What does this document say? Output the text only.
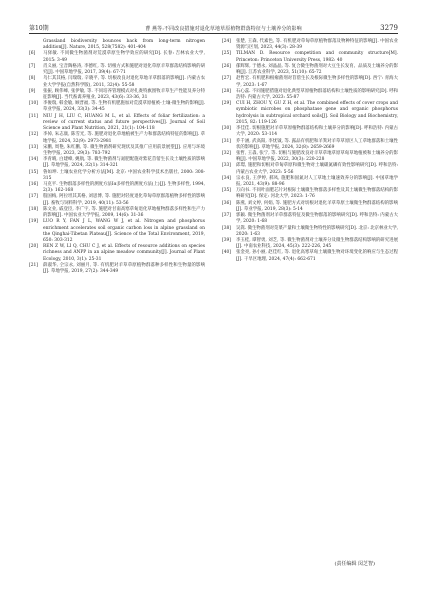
第10期	曹 燕等:不同改良措施对退化草地草原植物群落特征与土壤养分的影响	3279
Grassland biodiversity bounces back from long-term nitrogen addition[J]. Nature, 2015, 528(7582): 401-404
[6] 马驿敏. 不同微生物菌剂对荒漠草原生物学效应的研究[D]. 长春: 吉林农业大学, 2015: 3-49
[7] 肖义丽, 宝音陶格涛, 李德红, 等. 切根方式和施肥对退化草原羊草群落结构影响的研究[J]. 中国草地学报, 2017, 39(4): 67-71
[8] 乌仁其其格, 闫瑞瑞, 辛晓平, 等. 切根改良对退化草地羊草群落的影响[J]. 内蒙古农业大学学报(自然科学版), 2011, 32(4): 55-58
[9] 张振, 顾伟峰, 张伊敏, 等. 不同培养管理模式对扎赉特旗围牧羊草生产性能及养分特征影响[J]. 当代畜禽养殖业, 2023, 43(6): 33-36, 31
[10] 李俊瑞, 韩金敏, 顾晋福, 等. 生物有机肥施加对荒漠草原植被-土壤-微生物的影响[J]. 草业学报, 2024, 33(3): 34-45
[11] NIU J H, LIU C, HUANG M L, et al. Effects of foliar fertilization: a review of current status and future perspectives[J]. Journal of Soil Science and Plant Nutrition, 2021, 21(1): 104-118
[12] 李倬, 朱志康, 陈雪光, 等. 施肥对退化草地植被生产力和群落结构特征的影响[J]. 草地学报, 2024, 32(9): 2973-2981
[13] 宋鹏, 周艳, 朱红鹏, 等. 微生物菌剂研究现状及其推广应用前景展望[J]. 应用与环境生物学报, 2023, 29(3): 783-792
[14] 李青晴, 白建峰, 姚航, 等. 微生物菌剂与氮肥配施对紫花苜蓿生长及土壤性质的影响[J]. 草地学报, 2024, 32(1): 314-321
[15] 鲁如坤. 土壤农业化学分析方法[M]. 北京: 中国农业科学技术出版社, 2000: 308-315
[16] 马克平. 生物群落多样性的测度方法Ⅰα多样性的测度方法(上)[J]. 生物多样性, 1994, 2(3): 162-168
[17] 殷国梅, 阿拉坦其其格, 刘思博, 等. 施肥对轻度退化草甸草原群落植物多样性的影响[J]. 畜牧与饲料科学, 2019, 40(11): 53-56
[18] 陈文业, 戚登臣, 李广宇, 等. 施肥对甘南高寒草甸退化草地植物群落多样性和生产力的影响[J]. 中国农业大学学报, 2009, 14(6): 31-36
[19] LUO R Y, FAN J L, WANG W J, et al. Nitrogen and phosphorus enrichment accelerates soil organic carbon loss in alpine grassland on the Qinghai-Tibetan Plateau[J]. Science of the Total Environment, 2019, 650: 303-312
[20] REN Z W, LI Q, CHU C J, et al. Effects of resource additions on species richness and ANPP in an alpine meadow community[J]. Journal of Plant Ecology, 2010, 3(1): 25-31
[21] 薛淑华, 仝宗永, 刘丽月, 等. 有机肥对羊草草原植物群落种多样性和生物量的影响[J]. 草地学报, 2019, 27(2): 344-349
[24] 张楚, 王森, 代素色, 等. 有机肥对草甸草原植物群落及物种特征的影响[J]. 中国农业资源与区划, 2023, 44(3): 28-39
[25] TILMAN D. Resource competition and community structure[M]. Princeton: Princeton University Press, 1982: 40
[26] 郁辉辉, 于德永, 刘晶晶, 等. 复合微生物菌剂对大豆生长发育、品质及土壤养分的影响[J]. 江苏农业科学, 2023, 51(10): 65-72
[27] 赵哲宏. 有机肥和根瘤菌剂对苜蓿生长及根际微生物多样性的影响[D]. 西宁: 青海大学, 2023: 1-67
[28] 石心蕊. 不同施肥措施对退化典型草原植物群落结构和土壤性质的影响研究[D]. 呼和浩特: 内蒙古大学, 2023: 55-87
[29] CUI H, ZHOU Y, GU Z H, et al. The combined effects of cover crops and symbiotic microbes on phosphatase gene and organic phosphorus hydrolysis in subtropical orchard soils[J]. Soil Biology and Biochemistry, 2015, 82: 119-126
[30] 李佳佳. 切根施肥对羊草草原植物群落结构和土壤养分的影响[D]. 呼和浩特: 内蒙古大学, 2020: 53-114
[31] 乔千涵, 武高阳, 李忧钺, 等. 露品有机肥和羊粪对羊草草原区人工草地群落和土壤性状的影响[J]. 草地学报, 2024, 32(8): 2659-2669
[32] 张哲, 王淼, 张宁, 等. 切根与施肥改良对羊草草地草原草甸草地植被和土壤养分的影响[J]. 中国草地学报, 2022, 30(3): 220-228
[33] 邱璟, 施肥和切根对草甸草原和微生物对土壤碳氮磷有效性影响研究[D]. 呼和浩特: 内蒙古农业大学, 2023: 5-56
[34] 宗永良, 王伊婷, 郝凤, 施肥和固氮对人工草地土壤速效养分的影响[J]. 中国草地学报, 2021, 43(9): 88-96
[35] 万向书. 不同叶面肥芯片对根际土壤微生物群落多样性及其土壤微生物群落结构的影响研究[D]. 保定: 河北大学, 2023: 1-76
[36] 陈燕, 刘文婷, 何娟, 等. 施肥方式对切根对退化羊草草原土壤微生物群落结构的影响[J]. 草业学报, 2019, 28(3): 5-14
[37] 郭颖. 微生物菌剂对羊草群落特征及微生物群落的影响研究[D]. 呼和浩特: 内蒙古大学, 2020: 1-68
[38] 吴嵩. 微生物菌剂对苋菜产量和土壤微生物特性的影响研究[D]. 北京: 北京林业大学, 2020: 1-63
[39] 李玉桂, 谭智勇, 刘芝, 等. 微生物菌剂对土壤养分及微生物群落结构影响的研究进展[J]. 中南农业科技, 2024, 45(3): 222-226, 245
[40] 张金亮, 孙小丽, 赵佳红, 等. 退化高寒草甸土壤微生物对环境变化的响应与生态过程[J]. 干旱区地理, 2024, 47(4): 662-671
(责任编辑 闵芝智)
